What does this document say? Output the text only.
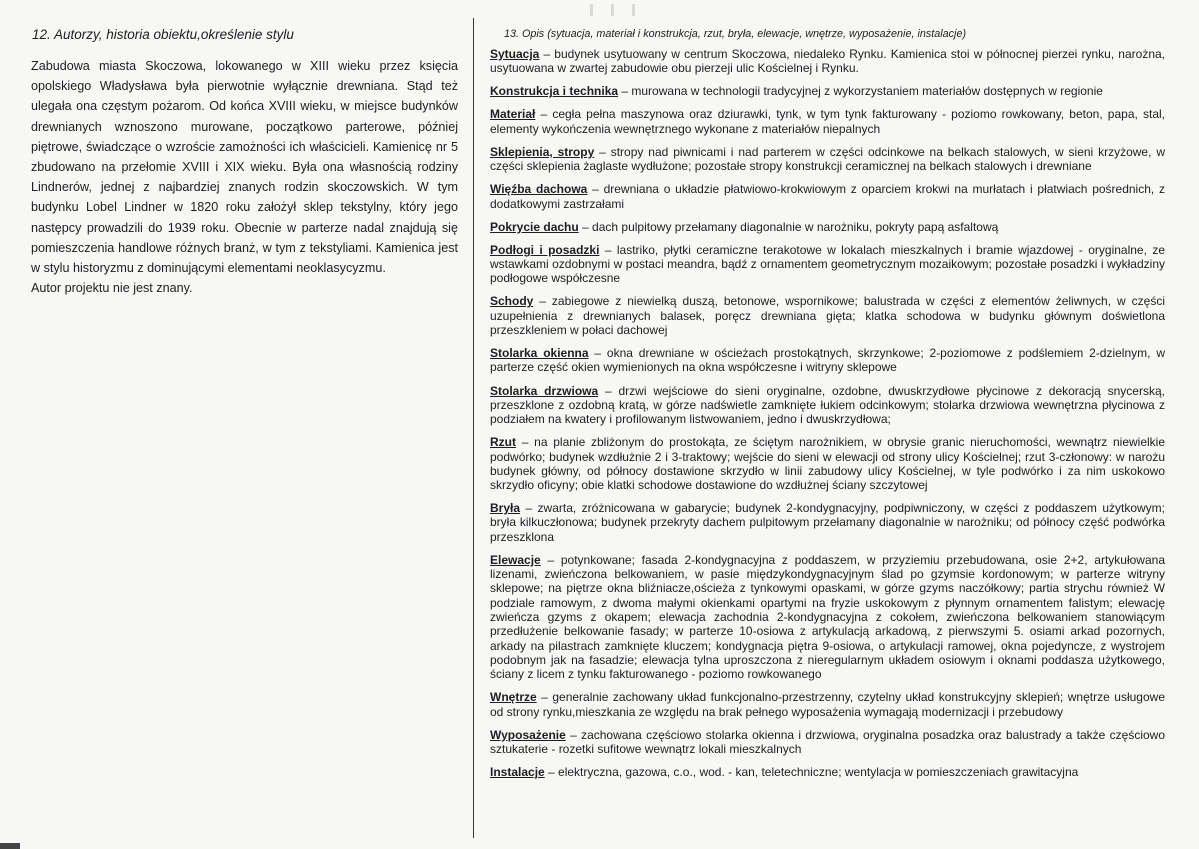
12. Autorzy, historia obiektu,określenie stylu

Zabudowa miasta Skoczowa, lokowanego w XIII wieku przez księcia opolskiego Władysława była pierwotnie wyłącznie drewniana. Stąd też ulegała ona częstym pożarom. Od końca XVIII wieku, w miejsce budynków drewnianych wznoszono murowane, początkowo parterowe, później piętrowe, świadczące o wzroście zamożności ich właścicieli. Kamienicę nr 5 zbudowano na przełomie XVIII i XIX wieku. Była ona własnością rodziny Lindnerów, jednej z najbardziej znanych rodzin skoczowskich. W tym budynku Lobel Lindner w 1820 roku założył sklep tekstylny, który jego następcy prowadzili do 1939 roku. Obecnie w parterze nadal znajdują się pomieszczenia handlowe różnych branż, w tym z tekstyliami. Kamienica jest w stylu historyzmu z dominującymi elementami neoklasycyzmu.

Autor projektu nie jest znany.

13. Opis (sytuacja, materiał i konstrukcja, rzut, bryła, elewacje, wnętrze, wyposażenie, instalacje)

Sytuacja – budynek usytuowany w centrum Skoczowa, niedaleko Rynku. Kamienica stoi w północnej pierzei rynku, narożna, usytuowana w zwartej zabudowie obu pierzeji ulic Kościelnej i Rynku.

Konstrukcja i technika – murowana w technologii tradycyjnej z wykorzystaniem materiałów dostępnych w regionie

Materiał – cegła pełna maszynowa oraz dziurawki, tynk, w tym tynk fakturowany - poziomo rowkowany, beton, papa, stal, elementy wykończenia wewnętrznego wykonane z materiałów niepalnych

Sklepienia, stropy – stropy nad piwnicami i nad parterem w części odcinkowe na belkach stalowych, w sieni krzyżowe, w części sklepienia żaglaste wydłużone; pozostałe stropy konstrukcji ceramicznej na belkach stalowych i drewniane

Więźba dachowa – drewniana o układzie płatwiowo-krokwiowym z oparciem krokwi na murłatach i płatwiach pośrednich, z dodatkowymi zastrzałami

Pokrycie dachu – dach pulpitowy przełamany diagonalnie w narożniku, pokryty papą asfaltową

Podłogi i posadzki – lastriko, płytki ceramiczne terakotowe w lokalach mieszkalnych i bramie wjazdowej - oryginalne, ze wstawkami ozdobnymi w postaci meandra, bądź z ornamentem geometrycznym mozaikowym; pozostałe posadzki i wykładziny podłogowe współczesne

Schody – zabiegowe z niewielką duszą, betonowe, wspornikowe; balustrada w części z elementów żeliwnych, w części uzupełnienia z drewnianych balasek, poręcz drewniana gięta; klatka schodowa w budynku głównym doświetlona przeszkleniem w połaci dachowej

Stolarka okienna – okna drewniane w ościeżach prostokątnych, skrzynkowe; 2-poziomowe z podślemiem 2-dzielnym, w parterze część okien wymienionych na okna współczesne i witryny sklepowe

Stolarka drzwiowa – drzwi wejściowe do sieni oryginalne, ozdobne, dwuskrzydłowe płycinowe z dekoracją snycerską, przeszklone z ozdobną kratą, w górze nadświetle zamknięte łukiem odcinkowym; stolarka drzwiowa wewnętrzna płycinowa z podziałem na kwatery i profilowanym listwowaniem, jedno i dwuskrzydłowa;

Rzut – na planie zbliżonym do prostokąta, ze ściętym narożnikiem, w obrysie granic nieruchomości, wewnątrz niewielkie podwórko; budynek wzdłużnie 2 i 3-traktowy; wejście do sieni w elewacji od strony ulicy Kościelnej; rzut 3-członowy: w narożu budynek główny, od północy dostawione skrzydło w linii zabudowy ulicy Kościelnej, w tyle podwórko i za nim uskokowo skrzydło oficyny; obie klatki schodowe dostawione do wzdłużnej ściany szczytowej

Bryła – zwarta, zróżnicowana w gabarycie; budynek 2-kondygnacyjny, podpiwniczony, w części z poddaszem użytkowym; bryła kilkuczłonowa; budynek przekryty dachem pulpitowym przełamany diagonalnie w narożniku; od północy część podwórka przeszklona

Elewacje – potynkowane; fasada 2-kondygnacyjna z poddaszem, w przyziemiu przebudowana, osie 2+2, artykułowana lizenami, zwieńczona belkowaniem, w pasie międzykondygnacyjnym ślad po gzymsie kordonowym; w parterze witryny sklepowe; na piętrze okna bliźniacze,ościeża z tynkowymi opaskami, w górze gzyms naczółkowy; partia strychu również W podziale ramowym, z dwoma małymi okienkami opartymi na fryzie uskokowym z płynnym ornamentem falistym; elewację zwieńcza gzyms z okapem; elewacja zachodnia 2-kondygnacyjna z cokołem, zwieńczona belkowaniem stanowiącym przedłużenie belkowanie fasady; w parterze 10-osiowa z artykulacją arkadową, z pierwszymi 5. osiami arkad pozornych, arkady na pilastrach zamknięte kluczem; kondygnacja piętra 9-osiowa, o artykulacji ramowej, okna pojedyncze, z wystrojem podobnym jak na fasadzie; elewacja tylna uproszczona z nieregularnym układem osiowym i oknami poddasza użytkowego, ściany z licem z tynku fakturowanego - poziomo rowkowanego

Wnętrze – generalnie zachowany układ funkcjonalno-przestrzenny, czytelny układ konstrukcyjny sklepień; wnętrze usługowe od strony rynku,mieszkania ze względu na brak pełnego wyposażenia wymagają modernizacji i przebudowy

Wyposażenie – zachowana częściowo stolarka okienna i drzwiowa, oryginalna posadzka oraz balustrady a także częściowo sztukaterie - rozetki sufitowe wewnątrz lokali mieszkalnych

Instalacje – elektryczna, gazowa, c.o., wod. - kan, teletechniczne; wentylacja w pomieszczeniach grawitacyjna
